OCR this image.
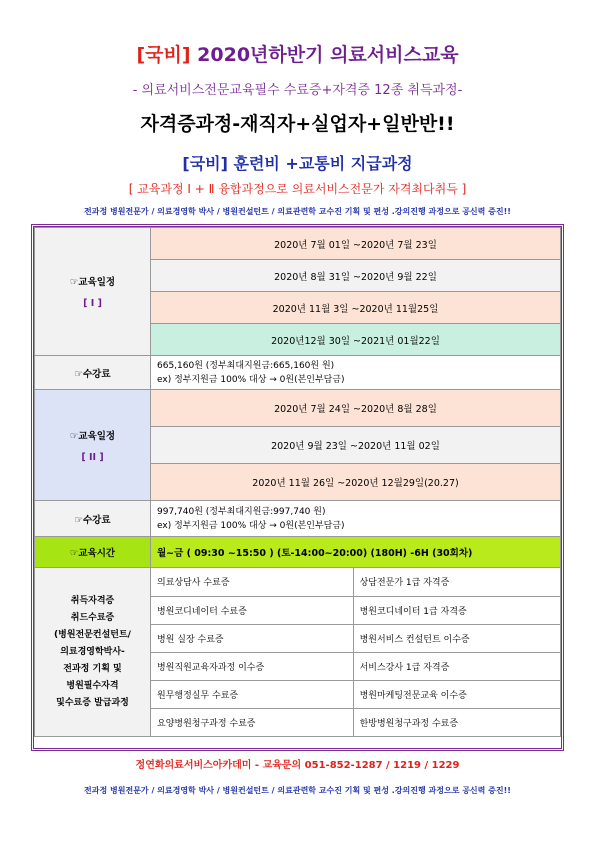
[국비] 2020년하반기 의료서비스교육
- 의료서비스전문교육필수 수료증+자격증 12종 취득과정-
자격증과정-재직자+실업자+일반반!!
[국비] 훈련비 +교통비 지급과정
[ 교육과정 Ⅰ + Ⅱ 융합과정으로 의료서비스전문가 자격최다취득 ]
전과정 병원전문가 / 의료경영학 박사 / 병원컨설턴트 / 의료관련학 교수진 기획 및 편성 .강의진행 과정으로 공신력 증진!!
☞교육일정
[ I ]
	2020년 7월 01일 ~2020년 7월 23일
2020년 8월 31일 ~2020년 9월 22일
2020년 11월 3일 ~2020년 11월25일
2020년12월 30일 ~2021년 01월22일
☞수강료	
665,160원 (정부최대지원금:665,160원 원)
ex) 정부지원금 100% 대상 → 0원(본인부담금)

☞교육일정
[ II ]
	2020년 7월 24일 ~2020년 8월 28일
2020년 9월 23일 ~2020년 11월 02일
2020년 11월 26일 ~2020년 12월29일(20.27)
☞수강료	
997,740원 (정부최대지원금:997,740 원)
ex) 정부지원금 100% 대상 → 0원(본인부담금)

☞교육시간	월~금 ( 09:30 ~15:50 ) (토-14:00~20:00) (180H) -6H (30회차)

취득자격증
취드수료증
(병원전문컨설턴트/
의료경영학박사-
전과정 기획 및
병원필수자격
및수료증 발급과정

의료상담사 수료증	상담전문가 1급 자격증
병원코디네이터 수료증	병원코디네이터 1급 자격증
병원 실장 수료증	병원서비스 컨설턴트 이수증
병원직원교육자과정 이수증	서비스강사 1급 자격증
원무행정실무 수료증	병원마케팅전문교육 이수증
요양병원청구과정 수료증	한방병원청구과정 수료증

정연화의료서비스아카데미 - 교육문의 051-852-1287 / 1219 / 1229
전과정 병원전문가 / 의료경영학 박사 / 병원컨설턴트 / 의료관련학 교수진 기획 및 편성 .강의진행 과정으로 공신력 증진!!
